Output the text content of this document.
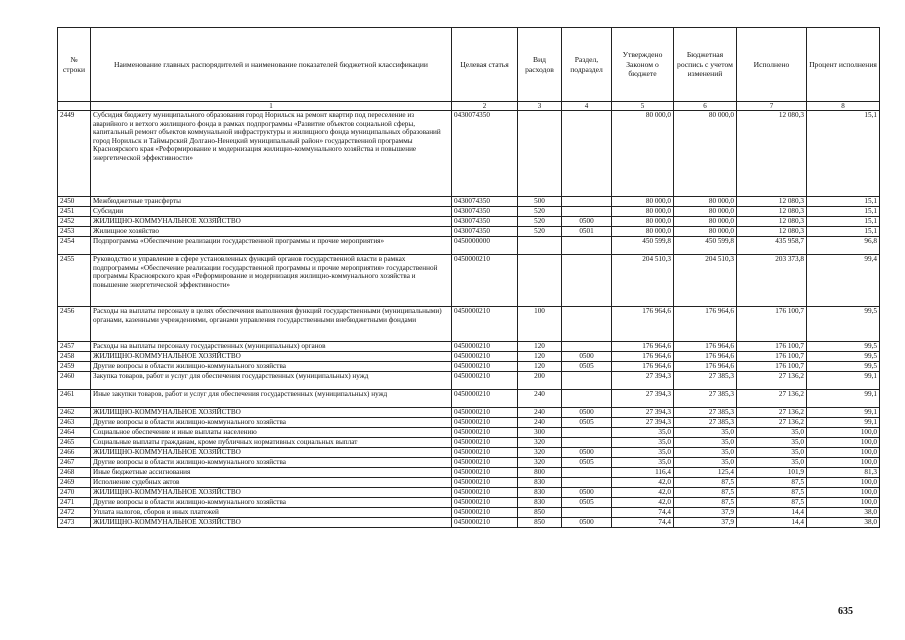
№ строки	Наименование главных распорядителей и наименование показателей бюджетной классификации	Целевая статья	Вид расходов	Раздел, подраздел	Утверждено Законом о бюджете	Бюджетная роспись с учетом изменений	Исполнено	Процент исполнения
	1	2	3	4	5	6	7	8
2449	Субсидия бюджету муниципального образования город Норильск на ремонт квартир под переселение из аварийного и ветхого жилищного фонда в рамках подпрограммы «Развитие объектов социальной сферы, капитальный ремонт объектов коммунальной инфраструктуры и жилищного фонда муниципальных образований город Норильск и Таймырский Долгано-Ненецкий муниципальный район» государственной программы Красноярского края «Реформирование и модернизация жилищно-коммунального хозяйства и повышение энергетической эффективности»	0430074350			80 000,0	80 000,0	12 080,3	15,1
2450	Межбюджетные трансферты	0430074350	500		80 000,0	80 000,0	12 080,3	15,1
2451	Субсидии	0430074350	520		80 000,0	80 000,0	12 080,3	15,1
2452	ЖИЛИЩНО-КОММУНАЛЬНОЕ ХОЗЯЙСТВО	0430074350	520	0500	80 000,0	80 000,0	12 080,3	15,1
2453	Жилищное хозяйство	0430074350	520	0501	80 000,0	80 000,0	12 080,3	15,1
2454	Подпрограмма «Обеспечение реализации государственной программы и прочие мероприятия»	0450000000			450 599,8	450 599,8	435 958,7	96,8
2455	Руководство и управление в сфере установленных функций органов государственной власти в рамках подпрограммы «Обеспечение реализации государственной программы и прочие мероприятия» государственной программы Красноярского края «Реформирование и модернизация жилищно-коммунального хозяйства и повышение энергетической эффективности»	0450000210			204 510,3	204 510,3	203 373,8	99,4
2456	Расходы на выплаты персоналу в целях обеспечения выполнения функций государственными (муниципальными) органами, казенными учреждениями, органами управления государственными внебюджетными фондами	0450000210	100		176 964,6	176 964,6	176 100,7	99,5
2457	Расходы на выплаты персоналу государственных (муниципальных) органов	0450000210	120		176 964,6	176 964,6	176 100,7	99,5
2458	ЖИЛИЩНО-КОММУНАЛЬНОЕ ХОЗЯЙСТВО	0450000210	120	0500	176 964,6	176 964,6	176 100,7	99,5
2459	Другие вопросы в области жилищно-коммунального хозяйства	0450000210	120	0505	176 964,6	176 964,6	176 100,7	99,5
2460	Закупка товаров, работ и услуг для обеспечения государственных (муниципальных) нужд	0450000210	200		27 394,3	27 385,3	27 136,2	99,1
2461	Иные закупки товаров, работ и услуг для обеспечения государственных (муниципальных) нужд	0450000210	240		27 394,3	27 385,3	27 136,2	99,1
2462	ЖИЛИЩНО-КОММУНАЛЬНОЕ ХОЗЯЙСТВО	0450000210	240	0500	27 394,3	27 385,3	27 136,2	99,1
2463	Другие вопросы в области жилищно-коммунального хозяйства	0450000210	240	0505	27 394,3	27 385,3	27 136,2	99,1
2464	Социальное обеспечение и иные выплаты населению	0450000210	300		35,0	35,0	35,0	100,0
2465	Социальные выплаты гражданам, кроме публичных нормативных социальных выплат	0450000210	320		35,0	35,0	35,0	100,0
2466	ЖИЛИЩНО-КОММУНАЛЬНОЕ ХОЗЯЙСТВО	0450000210	320	0500	35,0	35,0	35,0	100,0
2467	Другие вопросы в области жилищно-коммунального хозяйства	0450000210	320	0505	35,0	35,0	35,0	100,0
2468	Иные бюджетные ассигнования	0450000210	800		116,4	125,4	101,9	81,3
2469	Исполнение судебных актов	0450000210	830		42,0	87,5	87,5	100,0
2470	ЖИЛИЩНО-КОММУНАЛЬНОЕ ХОЗЯЙСТВО	0450000210	830	0500	42,0	87,5	87,5	100,0
2471	Другие вопросы в области жилищно-коммунального хозяйства	0450000210	830	0505	42,0	87,5	87,5	100,0
2472	Уплата налогов, сборов и иных платежей	0450000210	850		74,4	37,9	14,4	38,0
2473	ЖИЛИЩНО-КОММУНАЛЬНОЕ ХОЗЯЙСТВО	0450000210	850	0500	74,4	37,9	14,4	38,0
635
